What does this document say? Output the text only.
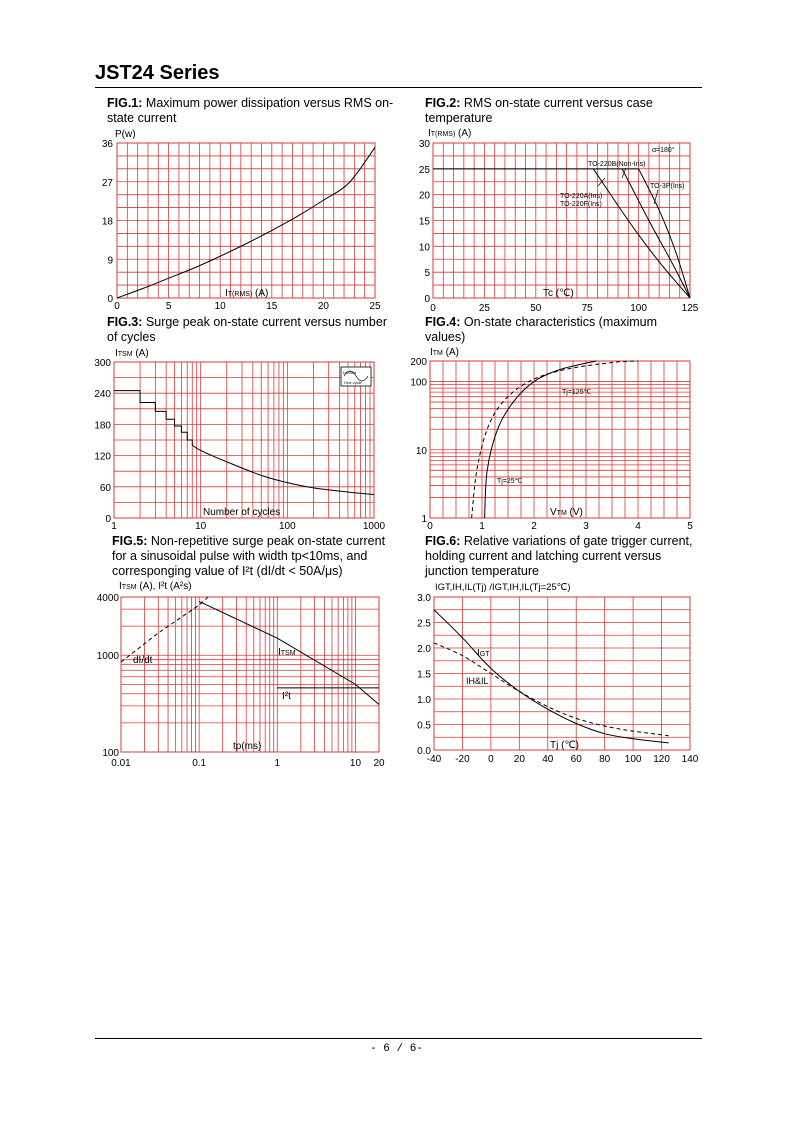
JST24 Series
FIG.1: Maximum power dissipation versus RMS on-state current
FIG.2: RMS on-state current versus case temperature
FIG.3: Surge peak on-state current versus number of cycles
FIG.4: On-state characteristics (maximum values)
FIG.5: Non-repetitive surge peak on-state current for a sinusoidal pulse with width tp<10ms, and corresponging value of I²t (dI/dt < 50A/μs)
FIG.6: Relative variations of gate trigger current, holding current and latching current versus junction temperature
P(w)
IT(RMS) (A)
0	5	10	15	20	25
0
9
18
27
36
IT(RMS) (A)
Tc (℃)
α=180°
TO-220B(Non-Ins)
TO-3P(Ins)
TO-220A(Ins)
TO-220F(Ins)
0	25	50	75	100	125
0
5
10
15
20
25
30
ITSM (A)
Number of cycles
t=20ms
One cycle
1	10	100	1000
0
60
120
180
240
300
ITM (A)
VTM (V)
Tj=125℃
Tj=25℃
0	1	2	3	4	5
1
10
100
200
ITSM (A), I²t (A²s)
tp(ms)
dI/dt
ITSM
I²t
0.01	0.1	1	10 20
100
1000
4000
IGT,IH,IL(Tj) /IGT,IH,IL(Tj=25℃)
Tj (℃)
IGT
IH&IL
-40 -20 0 20 40 60 80 100 120 140
0.0
0.5
1.0
1.5
2.0
2.5
3.0
- 6 / 6-
